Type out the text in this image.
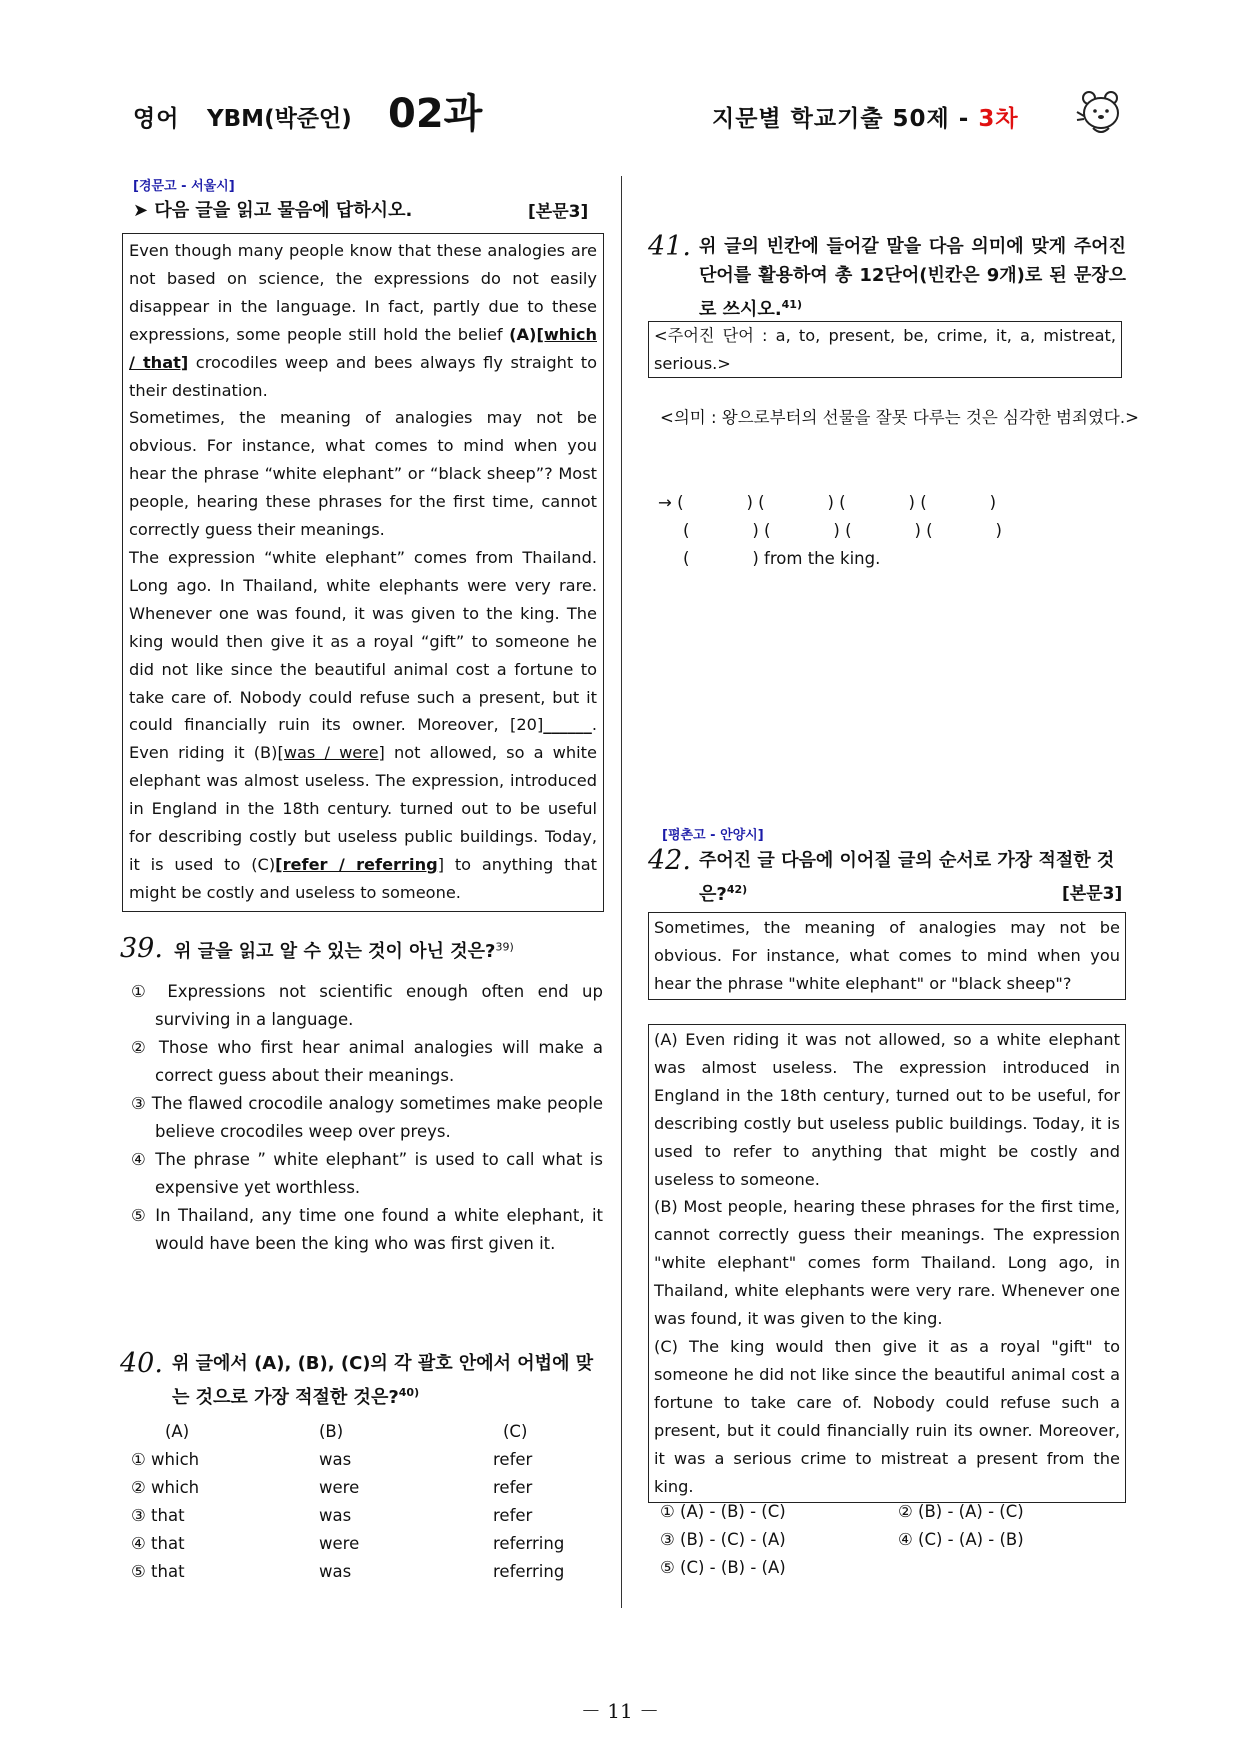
영어 YBM(박준언) 02과	지문별 학교기출 50제 - 3차
[경문고 - 서울시]
➤ 다음 글을 읽고 물음에 답하시오.	[본문3]

Even though many people know that these analogies are not based on science, the expressions do not easily disappear in the language. In fact, partly due to these expressions, some people still hold the belief (A)[which / that] crocodiles weep and bees always fly straight to their destination.

Sometimes, the meaning of analogies may not be obvious. For instance, what comes to mind when you hear the phrase “white elephant” or “black sheep”? Most people, hearing these phrases for the first time, cannot correctly guess their meanings.

The expression “white elephant” comes from Thailand. Long ago. In Thailand, white elephants were very rare. Whenever one was found, it was given to the king. The king would then give it as a royal “gift” to someone he did not like since the beautiful animal cost a fortune to take care of. Nobody could refuse such a present, but it could financially ruin its owner. Moreover, [20]______. Even riding it (B)[was / were] not allowed, so a white elephant was almost useless. The expression, introduced in England in the 18th century. turned out to be useful for describing costly but useless public buildings. Today, it is used to (C)[refer / referring] to anything that might be costly and useless to someone.

39. 위 글을 읽고 알 수 있는 것이 아닌 것은?$^{39)}$

① Expressions not scientific enough often end up surviving in a language.

② Those who first hear animal analogies will make a correct guess about their meanings.

③ The flawed crocodile analogy sometimes make people believe crocodiles weep over preys.

④ The phrase ” white elephant” is used to call what is expensive yet worthless.

⑤ In Thailand, any time one found a white elephant, it would have been the king who was first given it.

40. 위 글에서 (A), (B), (C)의 각 괄호 안에서 어법에 맞는 것으로 가장 적절한 것은?$^{40)}$
(A)	(B)	(C)
① which	was	refer
② which	were	refer
③ that	was	refer
④ that	were	referring
⑤ that	was	referring
41. 위 글의 빈칸에 들어갈 말을 다음 의미에 맞게 주어진 단어를 활용하여 총 12단어(빈칸은 9개)로 된 문장으로 쓰시오.$^{41)}$
<주어진 단어 : a, to, present, be, crime, it, a, mistreat, serious.>
<의미 : 왕으로부터의 선물을 잘못 다루는 것은 심각한 범죄였다.>
→ (            ) (            ) (            ) (            )
(            ) (            ) (            ) (            )
(            ) from the king.
[평촌고 - 안양시]
42. 주어진 글 다음에 이어질 글의 순서로 가장 적절한 것은?$^{42)}$	[본문3]
Sometimes, the meaning of analogies may not be obvious. For instance, what comes to mind when you hear the phrase "white elephant" or "black sheep"?

(A) Even riding it was not allowed, so a white elephant was almost useless. The expression introduced in England in the 18th century, turned out to be useful, for describing costly but useless public buildings. Today, it is used to refer to anything that might be costly and useless to someone.

(B) Most people, hearing these phrases for the first time, cannot correctly guess their meanings. The expression "white elephant" comes form Thailand. Long ago, in Thailand, white elephants were very rare. Whenever one was found, it was given to the king.

(C) The king would then give it as a royal "gift" to someone he did not like since the beautiful animal cost a fortune to take care of. Nobody could refuse such a present, but it could financially ruin its owner. Moreover, it was a serious crime to mistreat a present from the king.

① (A) - (B) - (C)	② (B) - (A) - (C)
③ (B) - (C) - (A)	④ (C) - (A) - (B)
⑤ (C) - (B) - (A)
－ 11 －
